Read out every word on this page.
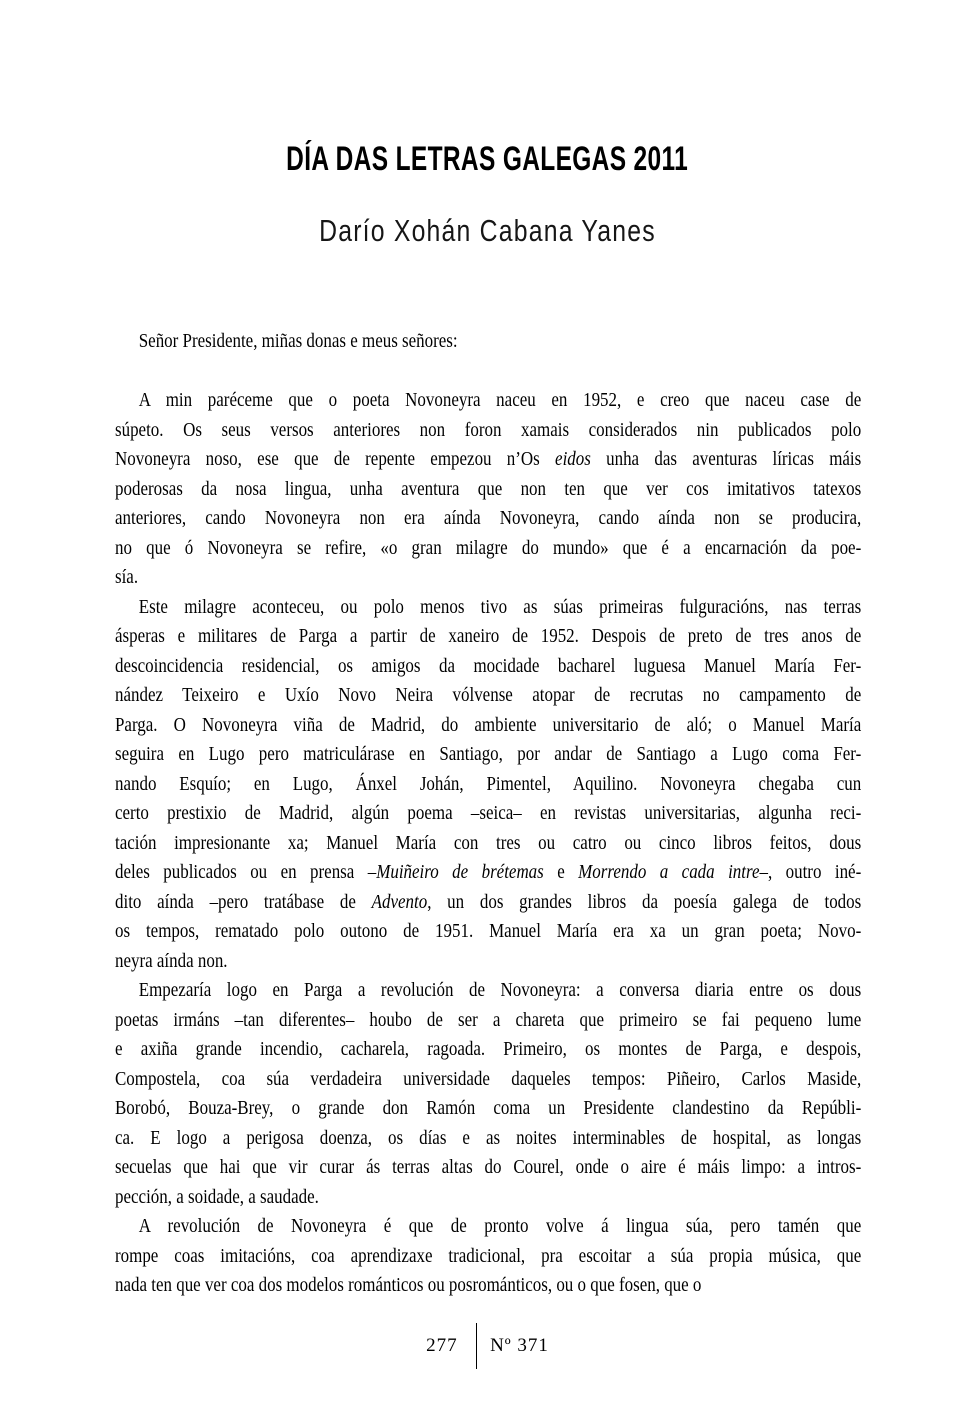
DÍA DAS LETRAS GALEGAS 2011
Darío Xohán Cabana Yanes
Señor Presidente, miñas donas e meus señores:
A min paréceme que o poeta Novoneyra naceu en 1952, e creo que naceu case de
súpeto. Os seus versos anteriores non foron xamais considerados nin publicados polo
Novoneyra noso, ese que de repente empezou n’Os eidos unha das aventuras líricas máis
poderosas da nosa lingua, unha aventura que non ten que ver cos imitativos tatexos
anteriores, cando Novoneyra non era aínda Novoneyra, cando aínda non se producira,
no que ó Novoneyra se refire, «o gran milagre do mundo» que é a encarnación da poe-
sía.
Este milagre aconteceu, ou polo menos tivo as súas primeiras fulguracións, nas terras
ásperas e militares de Parga a partir de xaneiro de 1952. Despois de preto de tres anos de
descoincidencia residencial, os amigos da mocidade bacharel luguesa Manuel María Fer-
nández Teixeiro e Uxío Novo Neira vólvense atopar de recrutas no campamento de
Parga. O Novoneyra viña de Madrid, do ambiente universitario de aló; o Manuel María
seguira en Lugo pero matriculárase en Santiago, por andar de Santiago a Lugo coma Fer-
nando Esquío; en Lugo, Ánxel Johán, Pimentel, Aquilino. Novoneyra chegaba cun
certo prestixio de Madrid, algún poema –seica– en revistas universitarias, algunha reci-
tación impresionante xa; Manuel María con tres ou catro ou cinco libros feitos, dous
deles publicados ou en prensa –Muiñeiro de brétemas e Morrendo a cada intre–, outro iné-
dito aínda –pero tratábase de Advento, un dos grandes libros da poesía galega de todos
os tempos, rematado polo outono de 1951. Manuel María era xa un gran poeta; Novo-
neyra aínda non.
Empezaría logo en Parga a revolución de Novoneyra: a conversa diaria entre os dous
poetas irmáns –tan diferentes– houbo de ser a chareta que primeiro se fai pequeno lume
e axiña grande incendio, cacharela, ragoada. Primeiro, os montes de Parga, e despois,
Compostela, coa súa verdadeira universidade daqueles tempos: Piñeiro, Carlos Maside,
Borobó, Bouza-Brey, o grande don Ramón coma un Presidente clandestino da Repúbli-
ca. E logo a perigosa doenza, os días e as noites interminables de hospital, as longas
secuelas que hai que vir curar ás terras altas do Courel, onde o aire é máis limpo: a intros-
pección, a soidade, a saudade.
A revolución de Novoneyra é que de pronto volve á lingua súa, pero tamén que
rompe coas imitacións, coa aprendizaxe tradicional, pra escoitar a súa propia música, que
nada ten que ver coa dos modelos románticos ou posrománticos, ou o que fosen, que o
277 Nº 371
